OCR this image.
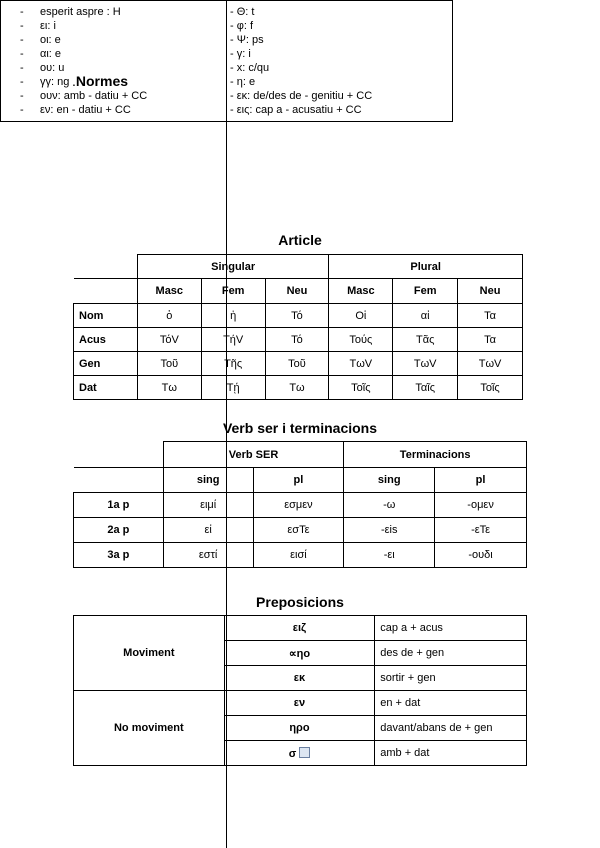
.Normes
- esperit aspre : H
- ει: i
- οι: e
- αι: e
- ου: u
- γγ: ng
- ουν: amb - datiu + CC
- εν: en - datiu + CC
- Θ: t
- φ: f
- Ψ: ps
- γ: i
- x: c/qu
- η: e
- εκ: de/des de - genitiu + CC
- εις: cap a - acusatiu + CC
Article
	Singular			Plural		
	Masc	Fem	Neu	Masc	Fem	Neu
Nom	ὁ	ἡ	Τό	Οἱ	αἱ	Τα
Acus	ΤόV	ΤήV	Τό	Τούς	Τᾶς	Τα
Gen	Τοῦ	Τῆς	Τοῦ	ΤωV	ΤωV	ΤωV
Dat	Τω	Τῄ	Τω	Τοῖς	Ταῖς	Τοῖς
Verb ser i terminacions
	Verb SER		Terminacions	
	sing	pl	sing	pl
1a p	ειμί	εσμεν	-ω	-ομεν
2a p	εἰ	εσΤε	-εis	-εΤε
3a p	εστί	εισί	-ει	-ουδι
Preposicions
Moviment	ειζ	cap a + acus
	∝ηο	des de + gen
	εκ	sortir + gen
No moviment	εν	en + dat
	ηρο	davant/abans de + gen
	σ	amb + dat
